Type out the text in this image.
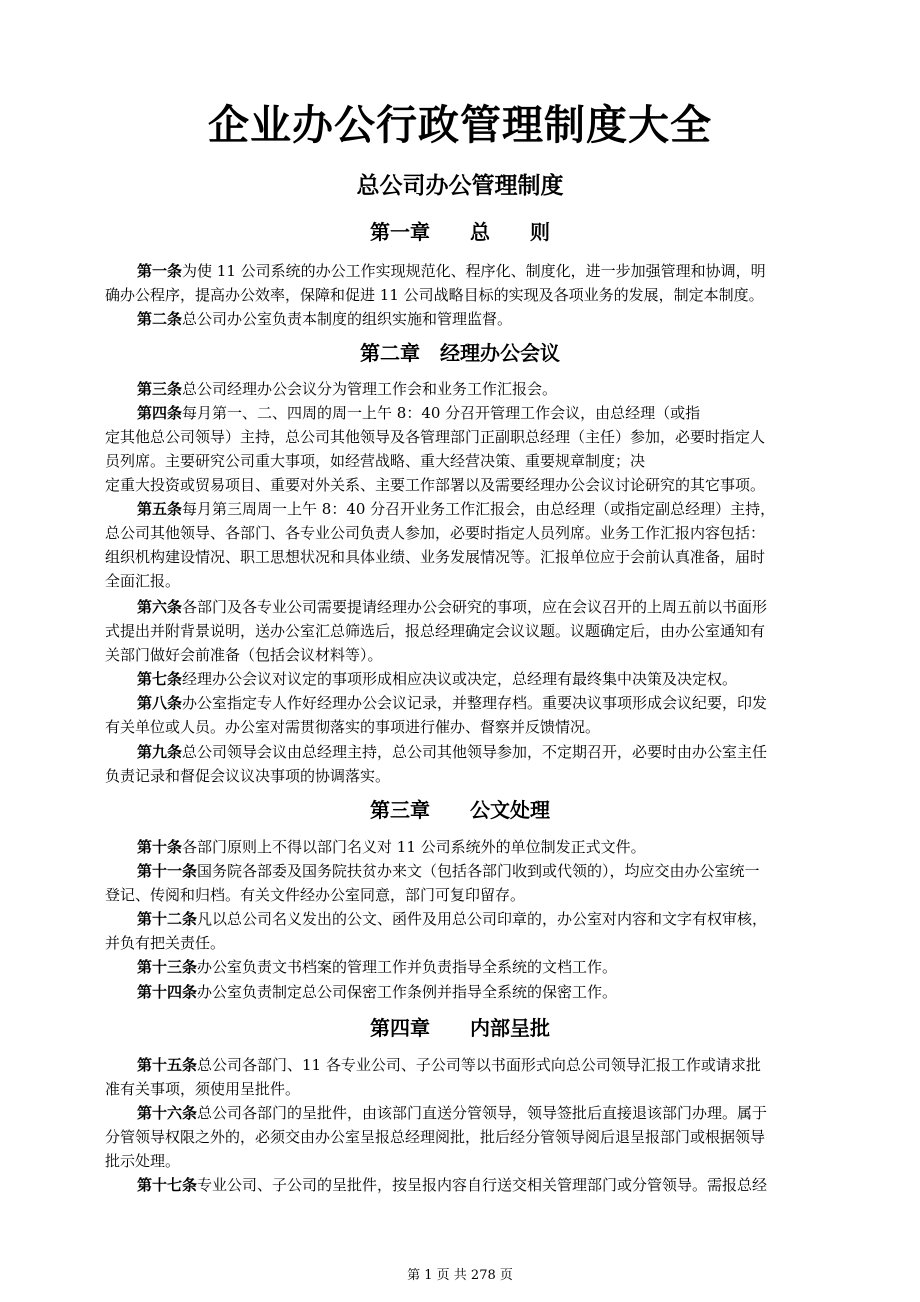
企业办公行政管理制度大全
总公司办公管理制度
第一章　　总　　则

第一条为使 11 公司系统的办公工作实现规范化、程序化、制度化，进一步加强管理和协调，明
确办公程序，提高办公效率，保障和促进 11 公司战略目标的实现及各项业务的发展，制定本制度。

第二条总公司办公室负责本制度的组织实施和管理监督。

第二章　经理办公会议

第三条总公司经理办公会议分为管理工作会和业务工作汇报会。

第四条每月第一、二、四周的周一上午 8：40 分召开管理工作会议，由总经理（或指
定其他总公司领导）主持，总公司其他领导及各管理部门正副职总经理（主任）参加，必要时指定人
员列席。主要研究公司重大事项，如经营战略、重大经营决策、重要规章制度；决
定重大投资或贸易项目、重要对外关系、主要工作部署以及需要经理办公会议讨论研究的其它事项。

第五条每月第三周周一上午 8：40 分召开业务工作汇报会，由总经理（或指定副总经理）主持，
总公司其他领导、各部门、各专业公司负责人参加，必要时指定人员列席。业务工作汇报内容包括：
组织机构建设情况、职工思想状况和具体业绩、业务发展情况等。汇报单位应于会前认真准备，届时
全面汇报。

第六条各部门及各专业公司需要提请经理办公会研究的事项，应在会议召开的上周五前以书面形
式提出并附背景说明，送办公室汇总筛选后，报总经理确定会议议题。议题确定后，由办公室通知有
关部门做好会前准备（包括会议材料等）。

第七条经理办公会议对议定的事项形成相应决议或决定，总经理有最终集中决策及决定权。

第八条办公室指定专人作好经理办公会议记录，并整理存档。重要决议事项形成会议纪要，印发
有关单位或人员。办公室对需贯彻落实的事项进行催办、督察并反馈情况。

第九条总公司领导会议由总经理主持，总公司其他领导参加，不定期召开，必要时由办公室主任
负责记录和督促会议议决事项的协调落实。

第三章　　公文处理

第十条各部门原则上不得以部门名义对 11 公司系统外的单位制发正式文件。

第十一条国务院各部委及国务院扶贫办来文（包括各部门收到或代领的），均应交由办公室统一
登记、传阅和归档。有关文件经办公室同意，部门可复印留存。

第十二条凡以总公司名义发出的公文、函件及用总公司印章的，办公室对内容和文字有权审核，
并负有把关责任。

第十三条办公室负责文书档案的管理工作并负责指导全系统的文档工作。

第十四条办公室负责制定总公司保密工作条例并指导全系统的保密工作。

第四章　　内部呈批

第十五条总公司各部门、11 各专业公司、子公司等以书面形式向总公司领导汇报工作或请求批
准有关事项，须使用呈批件。

第十六条总公司各部门的呈批件，由该部门直送分管领导，领导签批后直接退该部门办理。属于
分管领导权限之外的，必须交由办公室呈报总经理阅批，批后经分管领导阅后退呈报部门或根据领导
批示处理。

第十七条专业公司、子公司的呈批件，按呈报内容自行送交相关管理部门或分管领导。需报总经

第 1 页 共 278 页
